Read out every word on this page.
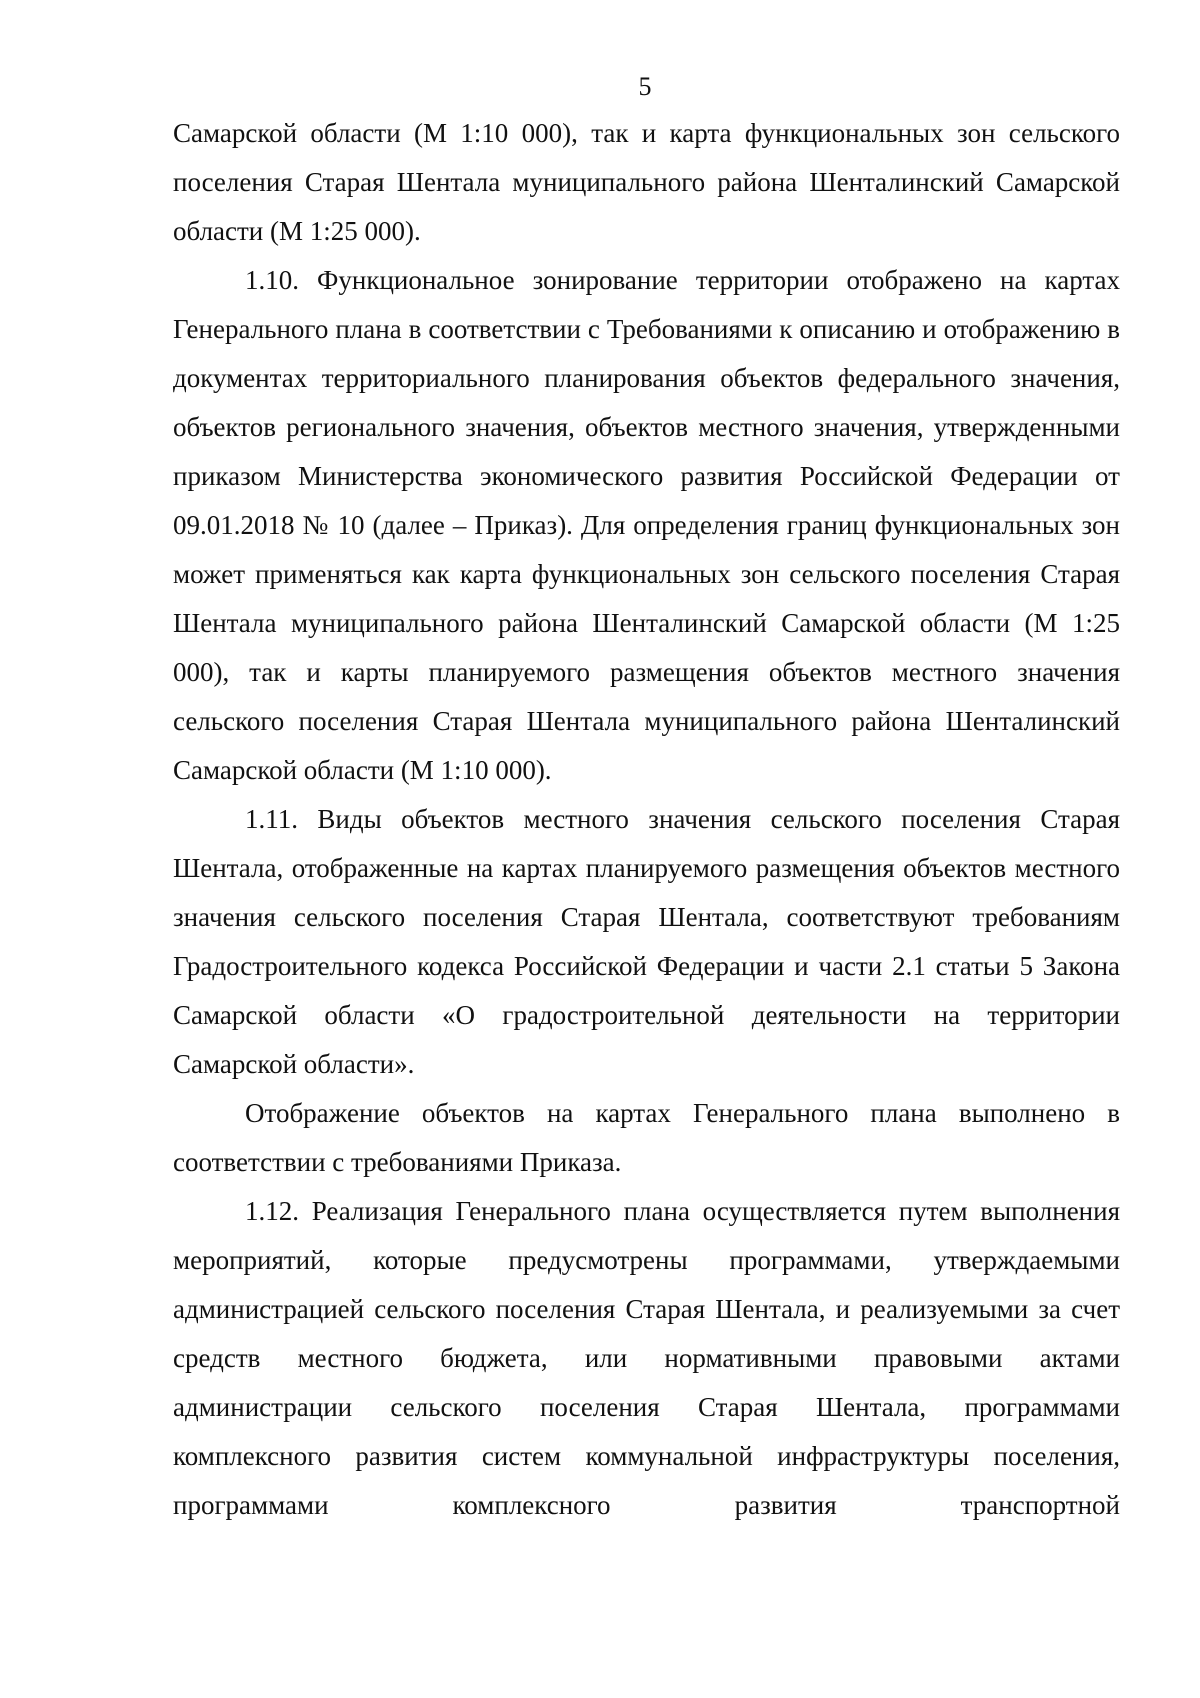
5

Самарской области (М 1:10 000), так и карта функциональных зон сельского поселения Старая Шентала муниципального района Шенталинский Самарской области (М 1:25 000).

1.10. Функциональное зонирование территории отображено на картах Генерального плана в соответствии с Требованиями к описанию и отображению в документах территориального планирования объектов федерального значения, объектов регионального значения, объектов местного значения, утвержденными приказом Министерства экономического развития Российской Федерации от 09.01.2018 № 10 (далее – Приказ). Для определения границ функциональных зон может применяться как карта функциональных зон сельского поселения Старая Шентала муниципального района Шенталинский Самарской области (М 1:25 000), так и карты планируемого размещения объектов местного значения сельского поселения Старая Шентала муниципального района Шенталинский Самарской области (М 1:10 000).

1.11. Виды объектов местного значения сельского поселения Старая Шентала, отображенные на картах планируемого размещения объектов местного значения сельского поселения Старая Шентала, соответствуют требованиям Градостроительного кодекса Российской Федерации и части 2.1 статьи 5 Закона Самарской области «О градостроительной деятельности на территории Самарской области».

Отображение объектов на картах Генерального плана выполнено в соответствии с требованиями Приказа.

1.12. Реализация Генерального плана осуществляется путем выполнения мероприятий, которые предусмотрены программами, утверждаемыми администрацией сельского поселения Старая Шентала, и реализуемыми за счет средств местного бюджета, или нормативными правовыми актами администрации сельского поселения Старая Шентала, программами комплексного развития систем коммунальной инфраструктуры поселения, программами комплексного развития транспортной
